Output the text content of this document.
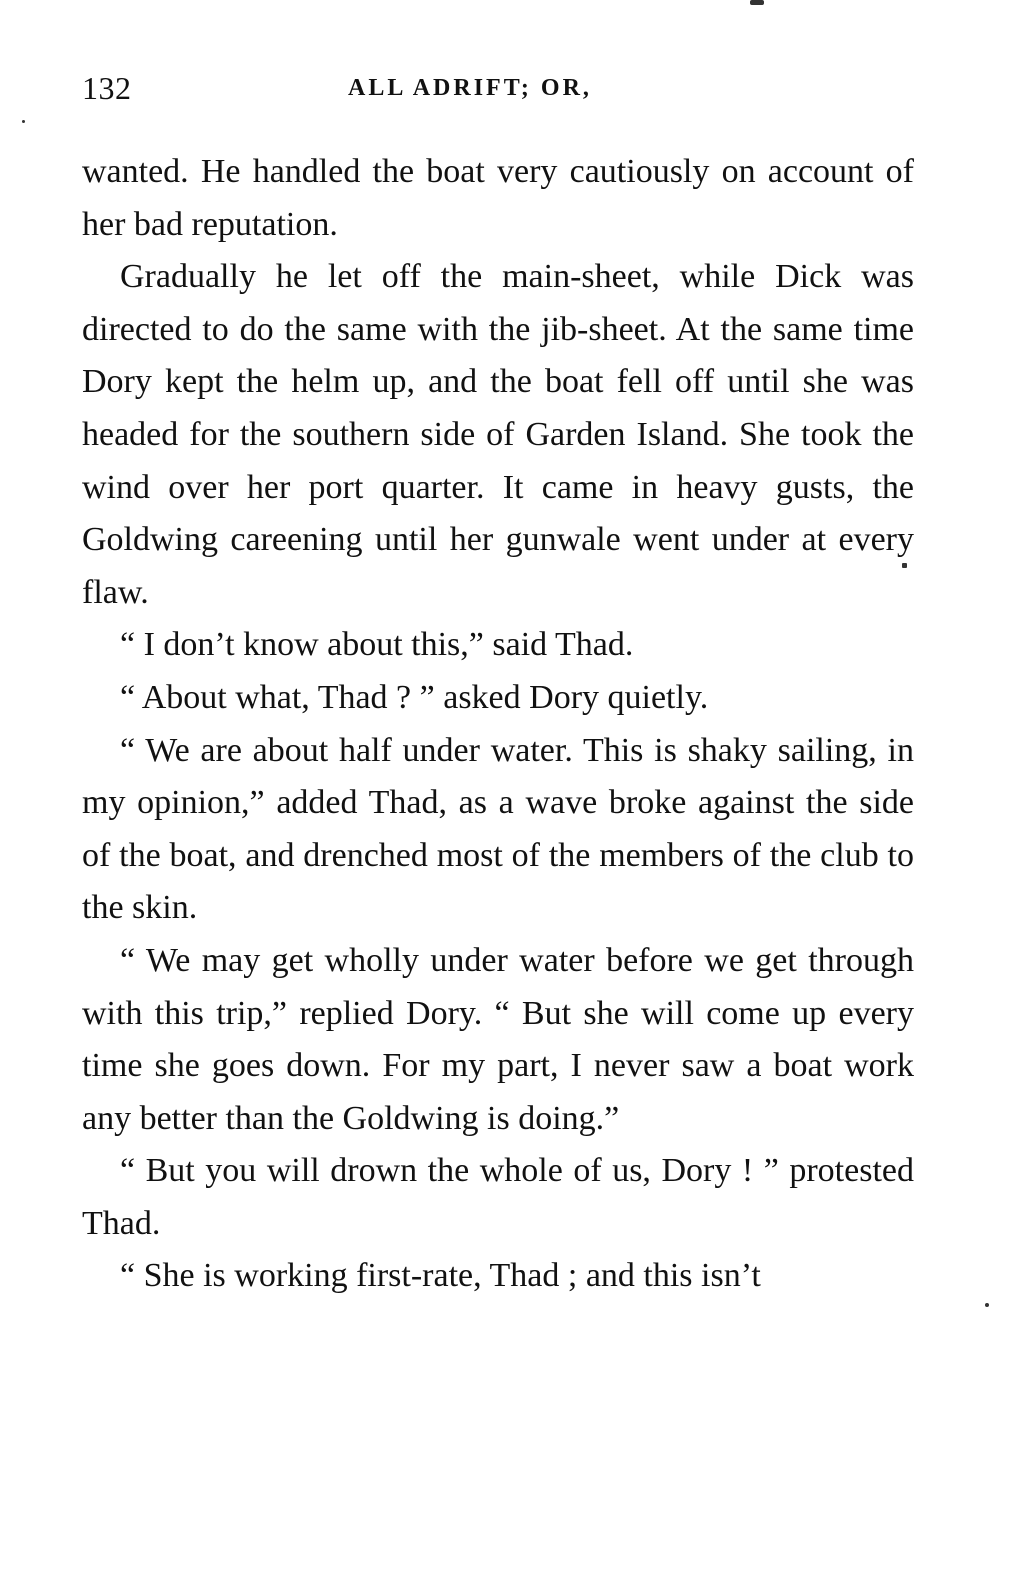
132	ALL ADRIFT; OR,

wanted. He handled the boat very cautiously on account of her bad reputation.

Gradually he let off the main-sheet, while Dick was directed to do the same with the jib-sheet. At the same time Dory kept the helm up, and the boat fell off until she was headed for the southern side of Garden Island. She took the wind over her port quarter. It came in heavy gusts, the Goldwing careening until her gunwale went under at every flaw.

“ I don’t know about this,” said Thad.

“ About what, Thad ? ” asked Dory quietly.

“ We are about half under water. This is shaky sailing, in my opinion,” added Thad, as a wave broke against the side of the boat, and drenched most of the members of the club to the skin.

“ We may get wholly under water before we get through with this trip,” replied Dory. “ But she will come up every time she goes down. For my part, I never saw a boat work any better than the Goldwing is doing.”

“ But you will drown the whole of us, Dory ! ” protested Thad.

“ She is working first-rate, Thad ; and this isn’t
